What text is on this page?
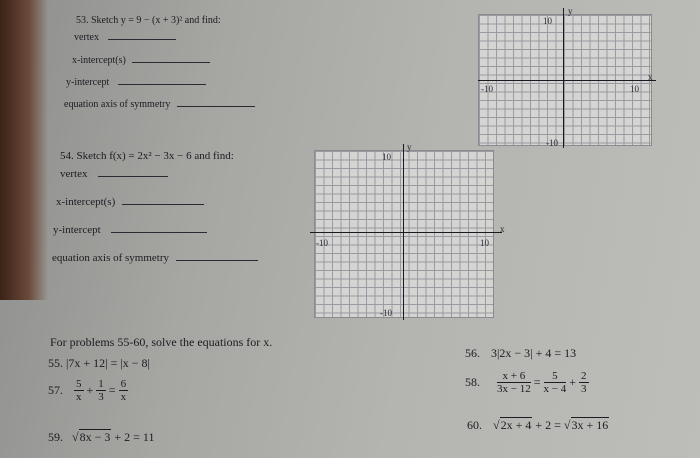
53. Sketch y = 9 − (x + 3)² and find:
vertex
x-intercept(s)
y-intercept
equation axis of symmetry
x
y
10
-10
-10	10
54. Sketch f(x) = 2x² − 3x − 6 and find:
vertex
x-intercept(s)
y-intercept
equation axis of symmetry
x
y
10
-10
-10	10
For problems 55-60, solve the equations for x.
55. |7x + 12| = |x − 8|
56. 3|2x − 3| + 4 = 13
57. $\frac{5}{x} + \frac{1}{3} = \frac{6}{x}$	58. $\frac{x + 6}{3x - 12} = \frac{5}{x - 4} + \frac{2}{3}$
59. √8x − 3 + 2 = 11
60. √2x + 4 + 2 = √3x + 16
